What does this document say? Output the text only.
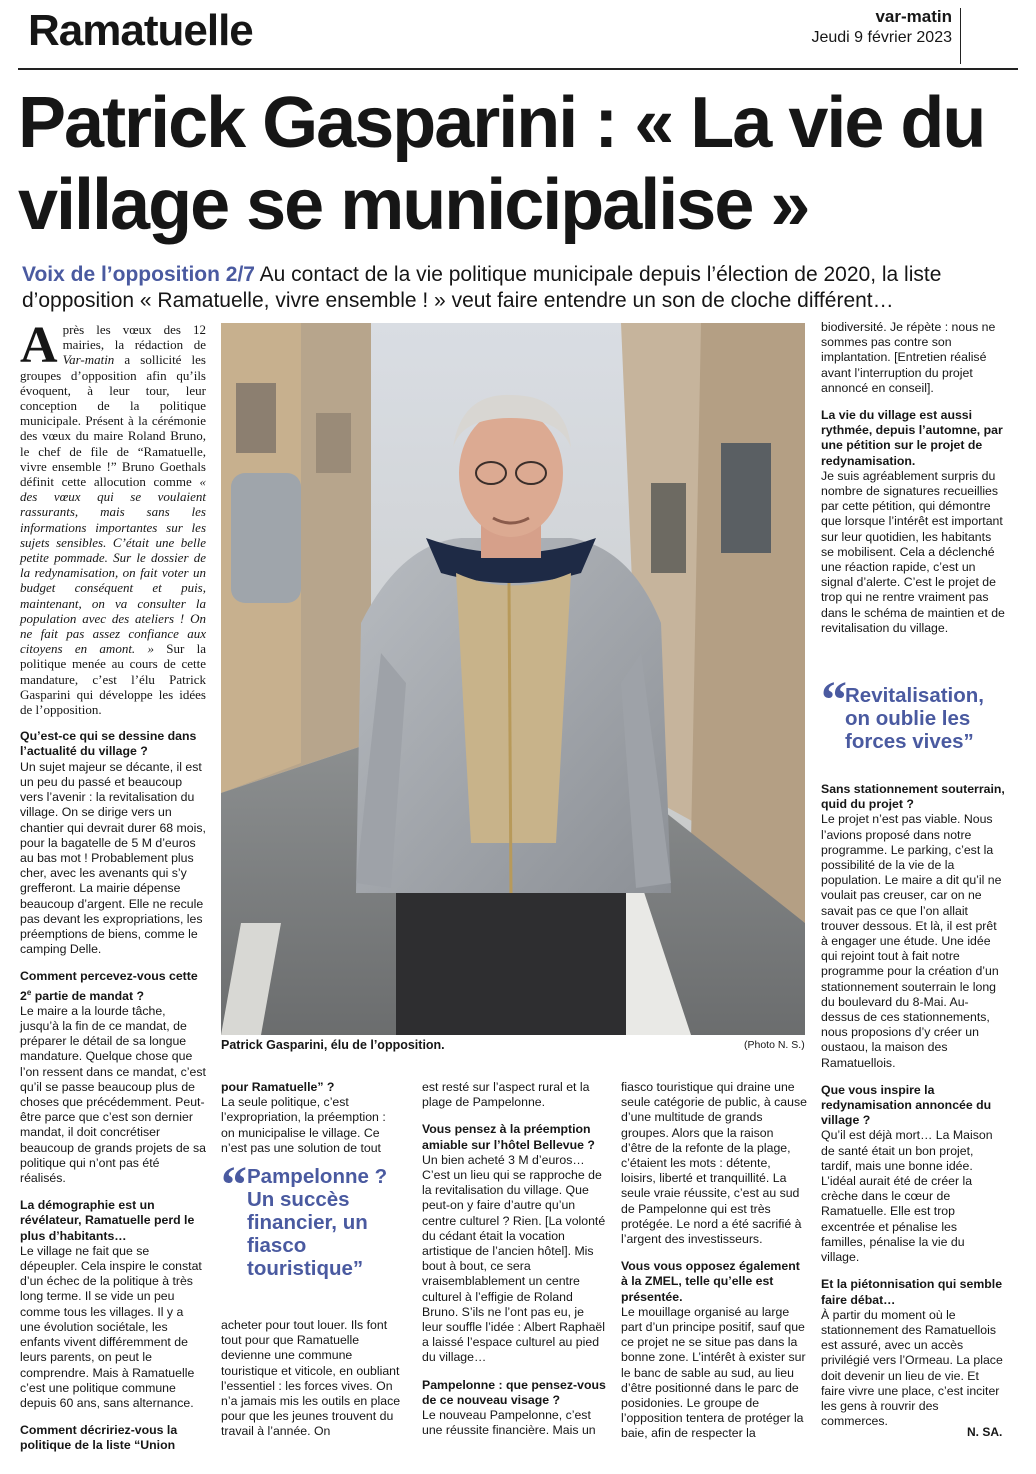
Ramatuelle	var-matin
Jeudi 9 février 2023
Patrick Gasparini : « La vie du village se municipalise »
Voix de l’opposition 2/7 Au contact de la vie politique municipale depuis l’élection de 2020, la liste d’opposition « Ramatuelle, vivre ensemble ! » veut faire entendre un son de cloche différent…

Après les vœux des 12 mairies, la rédaction de Var-matin a sollicité les groupes d’opposition afin qu’ils évoquent, à leur tour, leur conception de la politique municipale. Présent à la cérémonie des vœux du maire Roland Bruno, le chef de file de “Ramatuelle, vivre ensemble !” Bruno Goethals définit cette allocution comme « des vœux qui se voulaient rassurants, mais sans les informations importantes sur les sujets sensibles. C’était une belle petite pommade. Sur le dossier de la redynamisation, on fait voter un budget conséquent et puis, maintenant, on va consulter la population avec des ateliers ! On ne fait pas assez confiance aux citoyens en amont. » Sur la politique menée au cours de cette mandature, c’est l’élu Patrick Gasparini qui développe les idées de l’opposition.

Qu’est-ce qui se dessine dans l’actualité du village ?

Un sujet majeur se décante, il est un peu du passé et beaucoup vers l’avenir : la revitalisation du village. On se dirige vers un chantier qui devrait durer 68 mois, pour la bagatelle de 5 M d’euros au bas mot ! Probablement plus cher, avec les avenants qui s’y grefferont. La mairie dépense beaucoup d’argent. Elle ne recule pas devant les expropriations, les préemptions de biens, comme le camping Delle.

Comment percevez-vous cette 2e partie de mandat ?

Le maire a la lourde tâche, jusqu’à la fin de ce mandat, de préparer le détail de sa longue mandature. Quelque chose que l’on ressent dans ce mandat, c’est qu’il se passe beaucoup plus de choses que précédemment. Peut-être parce que c’est son dernier mandat, il doit concrétiser beaucoup de grands projets de sa politique qui n’ont pas été réalisés.

La démographie est un révélateur, Ramatuelle perd le plus d’habitants…

Le village ne fait que se dépeupler. Cela inspire le constat d’un échec de la politique à très long terme. Il se vide un peu comme tous les villages. Il y a une évolution sociétale, les enfants vivent différemment de leurs parents, on peut le comprendre. Mais à Ramatuelle c’est une politique commune depuis 60 ans, sans alternance.

Comment décririez-vous la politique de la liste “Union

Patrick Gasparini, élu de l’opposition.	(Photo N. S.)

pour Ramatuelle” ?

La seule politique, c’est l’expropriation, la préemption : on municipalise le village. Ce n’est pas une solution de tout

“ Pampelonne ? Un succès financier, un fiasco touristique”

acheter pour tout louer. Ils font tout pour que Ramatuelle devienne une commune touristique et viticole, en oubliant l’essentiel : les forces vives. On n’a jamais mis les outils en place pour que les jeunes trouvent du travail à l’année. On

est resté sur l’aspect rural et la plage de Pampelonne.

Vous pensez à la préemption amiable sur l’hôtel Bellevue ?

Un bien acheté 3 M d’euros… C’est un lieu qui se rapproche de la revitalisation du village. Que peut-on y faire d’autre qu’un centre culturel ? Rien. [La volonté du cédant était la vocation artistique de l’ancien hôtel]. Mis bout à bout, ce sera vraisemblablement un centre culturel à l’effigie de Roland Bruno. S’ils ne l’ont pas eu, je leur souffle l’idée : Albert Raphaël a laissé l’espace culturel au pied du village…

Pampelonne : que pensez-vous de ce nouveau visage ?

Le nouveau Pampelonne, c’est une réussite financière. Mais un

fiasco touristique qui draine une seule catégorie de public, à cause d’une multitude de grands groupes. Alors que la raison d’être de la refonte de la plage, c’étaient les mots : détente, loisirs, liberté et tranquillité. La seule vraie réussite, c’est au sud de Pampelonne qui est très protégée. Le nord a été sacrifié à l’argent des investisseurs.

Vous vous opposez également à la ZMEL, telle qu’elle est présentée.

Le mouillage organisé au large part d’un principe positif, sauf que ce projet ne se situe pas dans la bonne zone. L’intérêt à exister sur le banc de sable au sud, au lieu d’être positionné dans le parc de posidonies. Le groupe de l’opposition tentera de protéger la baie, afin de respecter la

biodiversité. Je répète : nous ne sommes pas contre son implantation. [Entretien réalisé avant l’interruption du projet annoncé en conseil].

La vie du village est aussi rythmée, depuis l’automne, par une pétition sur le projet de redynamisation.

Je suis agréablement surpris du nombre de signatures recueillies par cette pétition, qui démontre que lorsque l’intérêt est important sur leur quotidien, les habitants se mobilisent. Cela a déclenché une réaction rapide, c’est un signal d’alerte. C’est le projet de trop qui ne rentre vraiment pas dans le schéma de maintien et de revitalisation du village.

“
Revitalisation, on oublie les forces vives”

Sans stationnement souterrain, quid du projet ?

Le projet n’est pas viable. Nous l’avions proposé dans notre programme. Le parking, c’est la possibilité de la vie de la population. Le maire a dit qu’il ne voulait pas creuser, car on ne savait pas ce que l’on allait trouver dessous. Et là, il est prêt à engager une étude. Une idée qui rejoint tout à fait notre programme pour la création d’un stationnement souterrain le long du boulevard du 8-Mai. Au-dessus de ces stationnements, nous proposions d’y créer un oustaou, la maison des Ramatuellois.

Que vous inspire la redynamisation annoncée du village ?

Qu’il est déjà mort… La Maison de santé était un bon projet, tardif, mais une bonne idée. L’idéal aurait été de créer la crèche dans le cœur de Ramatuelle. Elle est trop excentrée et pénalise les familles, pénalise la vie du village.

Et la piétonnisation qui semble faire débat…

À partir du moment où le stationnement des Ramatuellois est assuré, avec un accès privilégié vers l’Ormeau. La place doit devenir un lieu de vie. Et faire vivre une place, c’est inciter les gens à rouvrir des commerces.

N. SA.
